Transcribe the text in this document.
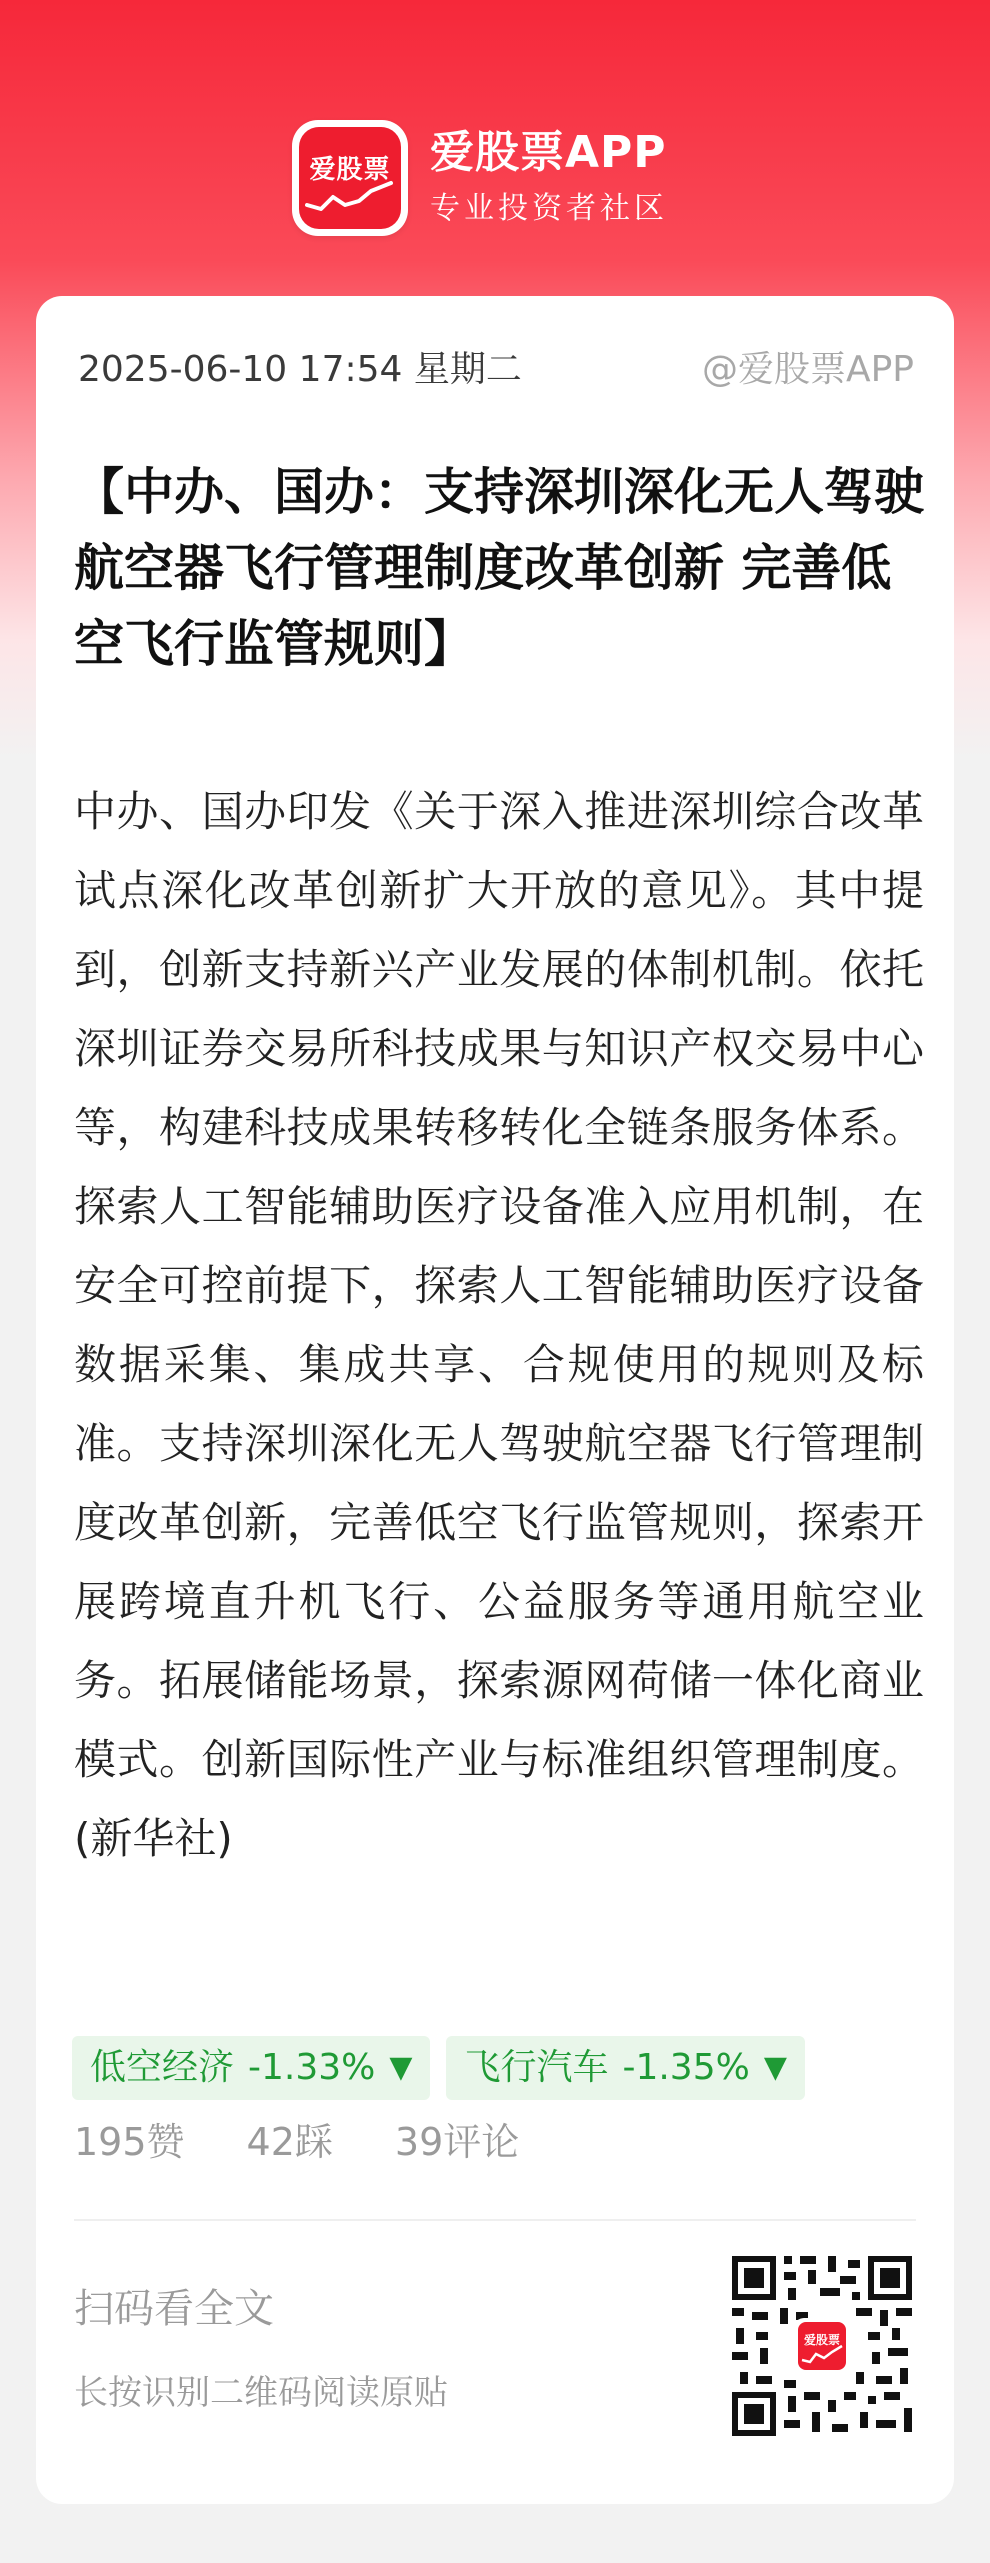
爱股票 爱股票APP
专业投资者社区
2025-06-10 17:54 星期二	@爱股票APP
【中办、国办：支持深圳深化无人驾驶航空器飞行管理制度改革创新 完善低空飞行监管规则】

中办、国办印发《关于深入推进深圳综合改革试点深化改革创新扩大开放的意见》。其中提到，创新支持新兴产业发展的体制机制。依托深圳证券交易所科技成果与知识产权交易中心等，构建科技成果转移转化全链条服务体系。探索人工智能辅助医疗设备准入应用机制，在安全可控前提下，探索人工智能辅助医疗设备数据采集、集成共享、合规使用的规则及标准。支持深圳深化无人驾驶航空器飞行管理制度改革创新，完善低空飞行监管规则，探索开展跨境直升机飞行、公益服务等通用航空业务。拓展储能场景，探索源网荷储一体化商业模式。创新国际性产业与标准组织管理制度。(新华社)

低空经济 -1.33% ▼ 飞行汽车 -1.35% ▼
195赞 42踩 39评论
扫码看全文
长按识别二维码阅读原贴
爱股票
